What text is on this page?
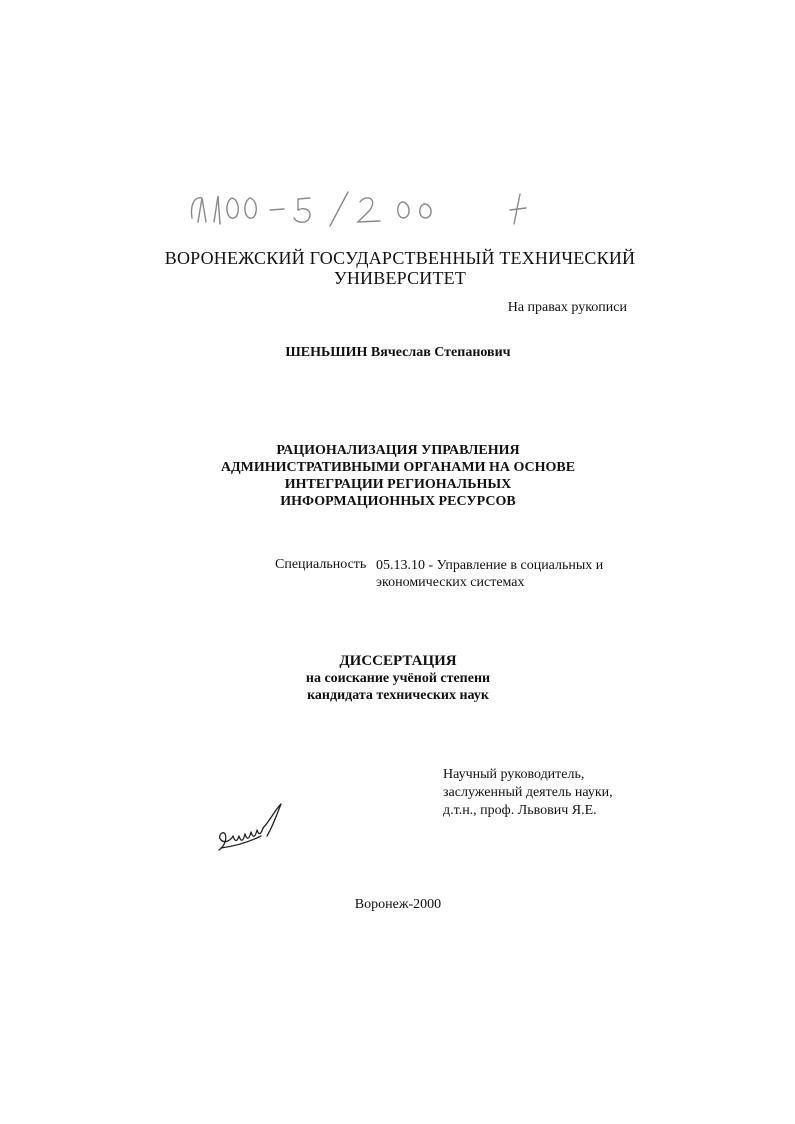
ВОРОНЕЖСКИЙ ГОСУДАРСТВЕННЫЙ ТЕХНИЧЕСКИЙ
УНИВЕРСИТЕТ
На правах рукописи
ШЕНЬШИН Вячеслав Степанович
РАЦИОНАЛИЗАЦИЯ УПРАВЛЕНИЯ
АДМИНИСТРАТИВНЫМИ ОРГАНАМИ НА ОСНОВЕ
ИНТЕГРАЦИИ РЕГИОНАЛЬНЫХ
ИНФОРМАЦИОННЫХ РЕСУРСОВ
Специальность 05.13.10 - Управление в социальных и
экономических системах
ДИССЕРТАЦИЯ
на соискание учёной степени
кандидата технических наук
Научный руководитель,
заслуженный деятель науки,
д.т.н., проф. Львович Я.Е.
Воронеж-2000
